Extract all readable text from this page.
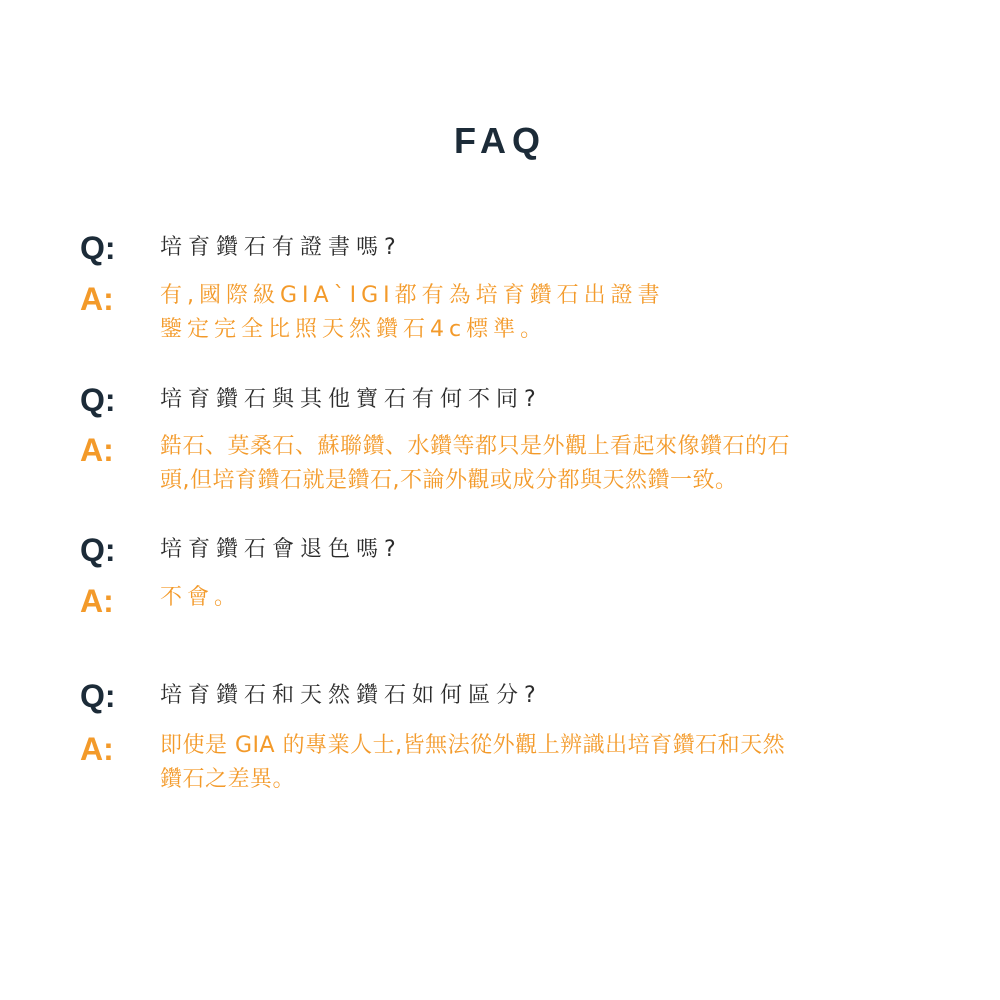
FAQ
Q:	培育鑽石有證書嗎?
A:	有,國際級GIA`IGI都有為培育鑽石出證書
鑒定完全比照天然鑽石4c標準。
Q:	培育鑽石與其他寶石有何不同?
A:	鋯石、莫桑石、蘇聯鑽、水鑽等都只是外觀上看起來像鑽石的石
頭,但培育鑽石就是鑽石,不論外觀或成分都與天然鑽一致。
Q:	培育鑽石會退色嗎?
A:	不會。
Q:	培育鑽石和天然鑽石如何區分?
A:	即使是 GIA 的專業人士,皆無法從外觀上辨識出培育鑽石和天然
鑽石之差異。
